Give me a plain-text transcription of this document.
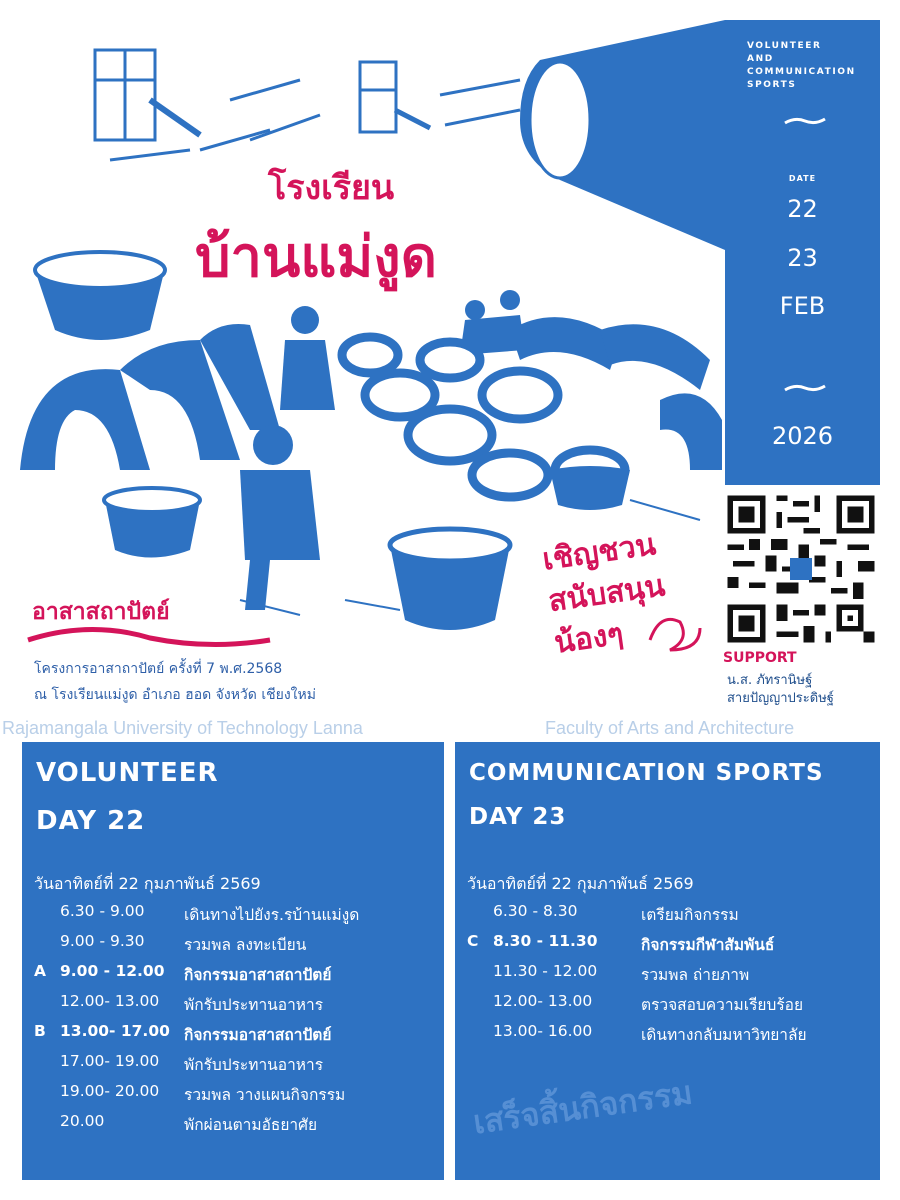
โรงเรียน
บ้านแม่งูด
เชิญชวน
สนับสนุน
น้องๆ
อาสาสถาปัตย์
โครงการอาสาถาปัตย์ ครั้งที่ 7 พ.ศ.2568
ณ โรงเรียนแม่งูด อำเภอ ฮอด จังหวัด เชียงใหม่
VOLUNTEER
AND
COMMUNICATION
SPORTS
DATE
22
23
FEB
2026
SUPPORT
น.ส. ภัทรานิษฐ์
สายปัญญาประดิษฐ์
Rajamangala University of Technology Lanna	Faculty of Arts and Architecture
VOLUNTEER
DAY 22
วันอาทิตย์ที่ 22 กุมภาพันธ์ 2569
6.30 - 9.00	เดินทางไปยังร.รบ้านแม่งูด
9.00 - 9.30	รวมพล ลงทะเบียน
A 9.00 - 12.00 กิจกรรมอาสาสถาปัตย์
12.00- 13.00 พักรับประทานอาหาร
B 13.00- 17.00 กิจกรรมอาสาสถาปัตย์
17.00- 19.00 พักรับประทานอาหาร
19.00- 20.00 รวมพล วางแผนกิจกรรม
20.00	พักผ่อนตามอัธยาศัย
COMMUNICATION SPORTS
DAY 23
วันอาทิตย์ที่ 22 กุมภาพันธ์ 2569
6.30 - 8.30	เตรียมกิจกรรม
C 8.30 - 11.30	กิจกรรมกีฬาสัมพันธ์
11.30 - 12.00	รวมพล ถ่ายภาพ
12.00- 13.00	ตรวจสอบความเรียบร้อย
13.00- 16.00	เดินทางกลับมหาวิทยาลัย
เสร็จสิ้นกิจกรรม
